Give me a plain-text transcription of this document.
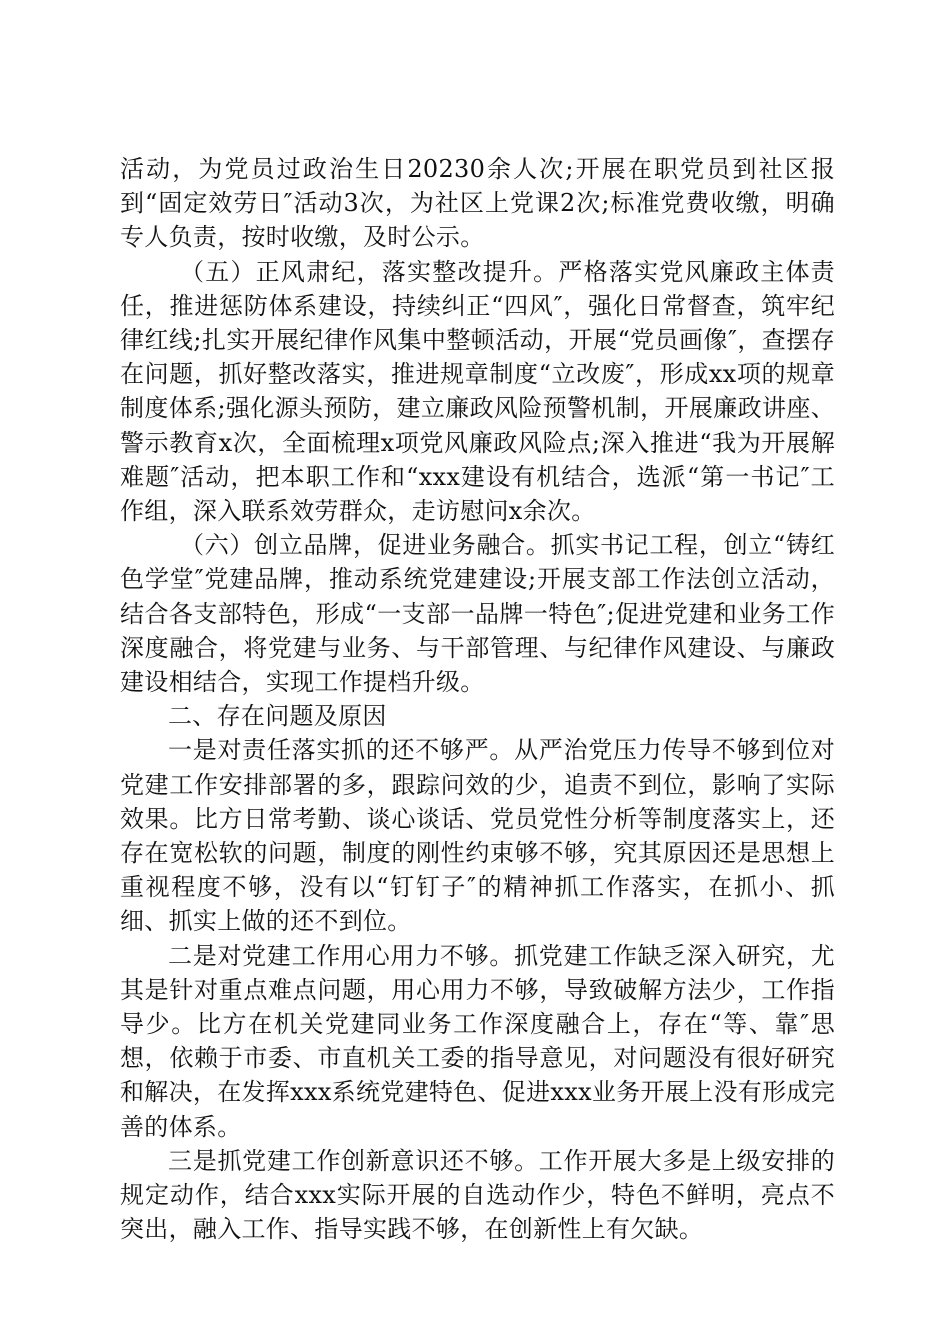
活动，为党员过政治生日20230余人次;开展在职党员到社区报到“固定效劳日″活动3次，为社区上党课2次;标准党费收缴，明确专人负责，按时收缴，及时公示。

（五）正风肃纪，落实整改提升。严格落实党风廉政主体责任，推进惩防体系建设，持续纠正“四风″，强化日常督查，筑牢纪律红线;扎实开展纪律作风集中整顿活动，开展“党员画像″，查摆存在问题，抓好整改落实，推进规章制度“立改废″，形成xx项的规章制度体系;强化源头预防，建立廉政风险预警机制，开展廉政讲座、警示教育x次，全面梳理x项党风廉政风险点;深入推进“我为开展解难题″活动，把本职工作和“xxx建设有机结合，选派“第一书记″工作组，深入联系效劳群众，走访慰问x余次。

（六）创立品牌，促进业务融合。抓实书记工程，创立“铸红色学堂″党建品牌，推动系统党建建设;开展支部工作法创立活动，结合各支部特色，形成“一支部一品牌一特色″;促进党建和业务工作深度融合，将党建与业务、与干部管理、与纪律作风建设、与廉政建设相结合，实现工作提档升级。

二、存在问题及原因

一是对责任落实抓的还不够严。从严治党压力传导不够到位对党建工作安排部署的多，跟踪问效的少，追责不到位，影响了实际效果。比方日常考勤、谈心谈话、党员党性分析等制度落实上，还存在宽松软的问题，制度的刚性约束够不够，究其原因还是思想上重视程度不够，没有以“钉钉子″的精神抓工作落实，在抓小、抓细、抓实上做的还不到位。

二是对党建工作用心用力不够。抓党建工作缺乏深入研究，尤其是针对重点难点问题，用心用力不够，导致破解方法少，工作指导少。比方在机关党建同业务工作深度融合上，存在“等、靠″思想，依赖于市委、市直机关工委的指导意见，对问题没有很好研究和解决，在发挥xxx系统党建特色、促进xxx业务开展上没有形成完善的体系。

三是抓党建工作创新意识还不够。工作开展大多是上级安排的规定动作，结合xxx实际开展的自选动作少，特色不鲜明，亮点不突出，融入工作、指导实践不够，在创新性上有欠缺。
